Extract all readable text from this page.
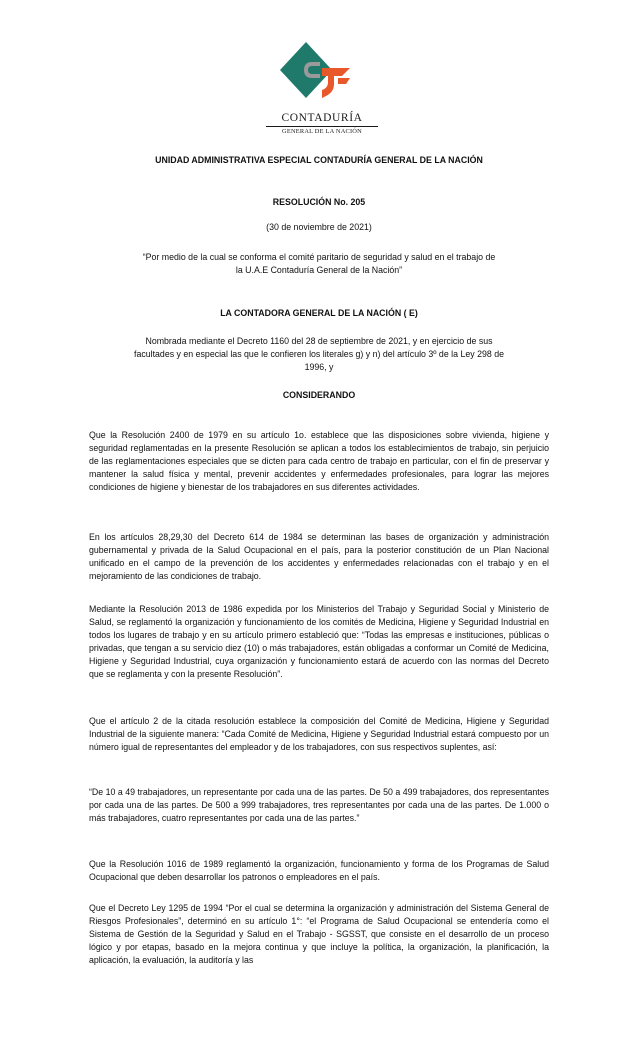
CONTADURÍA
GENERAL DE LA NACIÓN
UNIDAD ADMINISTRATIVA ESPECIAL CONTADURÍA GENERAL DE LA NACIÓN
RESOLUCIÓN No. 205
(30 de noviembre de 2021)
“Por medio de la cual se conforma el comité paritario de seguridad y salud en el trabajo de
la U.A.E Contaduría General de la Nación”
LA CONTADORA GENERAL DE LA NACIÓN ( E)
Nombrada mediante el Decreto 1160 del 28 de septiembre de 2021, y en ejercicio de sus
facultades y en especial las que le confieren los literales g) y n) del artículo 3º de la Ley 298 de
1996, y
CONSIDERANDO
Que la Resolución 2400 de 1979 en su artículo 1o. establece que las disposiciones sobre vivienda, higiene y seguridad reglamentadas en la presente Resolución se aplican a todos los establecimientos de trabajo, sin perjuicio de las reglamentaciones especiales que se dicten para cada centro de trabajo en particular, con el fin de preservar y mantener la salud física y mental, prevenir accidentes y enfermedades profesionales, para lograr las mejores condiciones de higiene y bienestar de los trabajadores en sus diferentes actividades.
En los artículos 28,29,30 del Decreto 614 de 1984 se determinan las bases de organización y administración gubernamental y privada de la Salud Ocupacional en el país, para la posterior constitución de un Plan Nacional unificado en el campo de la prevención de los accidentes y enfermedades relacionadas con el trabajo y en el mejoramiento de las condiciones de trabajo.
Mediante la Resolución 2013 de 1986 expedida por los Ministerios del Trabajo y Seguridad Social y Ministerio de Salud, se reglamentó la organización y funcionamiento de los comités de Medicina, Higiene y Seguridad Industrial en todos los lugares de trabajo y en su artículo primero estableció que: “Todas las empresas e instituciones, públicas o privadas, que tengan a su servicio diez (10) o más trabajadores, están obligadas a conformar un Comité de Medicina, Higiene y Seguridad Industrial, cuya organización y funcionamiento estará de acuerdo con las normas del Decreto que se reglamenta y con la presente Resolución”.
Que el artículo 2 de la citada resolución establece la composición del Comité de Medicina, Higiene y Seguridad Industrial de la siguiente manera: “Cada Comité de Medicina, Higiene y Seguridad Industrial estará compuesto por un número igual de representantes del empleador y de los trabajadores, con sus respectivos suplentes, así:
“De 10 a 49 trabajadores, un representante por cada una de las partes. De 50 a 499 trabajadores, dos representantes por cada una de las partes. De 500 a 999 trabajadores, tres representantes por cada una de las partes. De 1.000 o más trabajadores, cuatro representantes por cada una de las partes.”
Que la Resolución 1016 de 1989 reglamentó la organización, funcionamiento y forma de los Programas de Salud Ocupacional que deben desarrollar los patronos o empleadores en el país.
Que el Decreto Ley 1295 de 1994 “Por el cual se determina la organización y administración del Sistema General de Riesgos Profesionales”, determinó en su artículo 1°: “el Programa de Salud Ocupacional se entendería como el Sistema de Gestión de la Seguridad y Salud en el Trabajo - SGSST, que consiste en el desarrollo de un proceso lógico y por etapas, basado en la mejora continua y que incluye la política, la organización, la planificación, la aplicación, la evaluación, la auditoría y las
